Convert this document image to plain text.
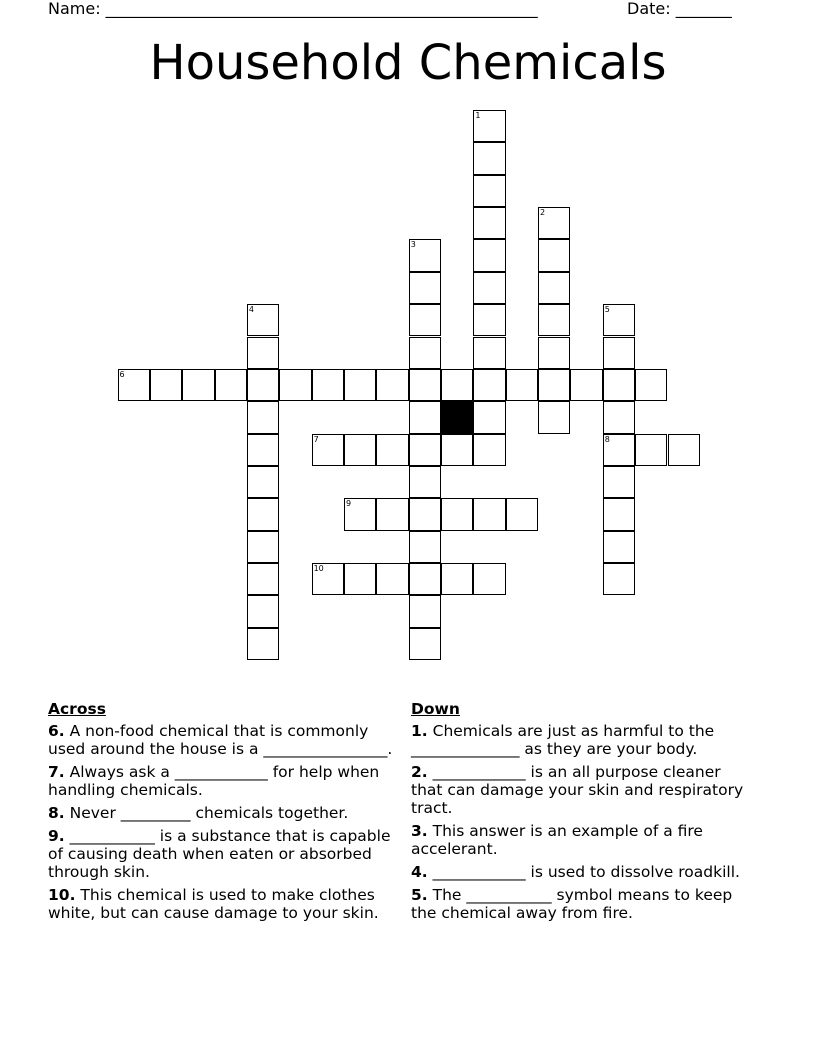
Name: ______________________________________________________	Date: _______
Household Chemicals
1
2
3
4	5
8
6
7
9
10
Across
6. A non-food chemical that is commonly used around the house is a ________________.
7. Always ask a ____________ for help when handling chemicals.
8. Never _________ chemicals together.
9. ___________ is a substance that is capable of causing death when eaten or absorbed through skin.
10. This chemical is used to make clothes white, but can cause damage to your skin.
Down
1. Chemicals are just as harmful to the ______________ as they are your body.
2. ____________ is an all purpose cleaner that can damage your skin and respiratory tract.
3. This answer is an example of a fire accelerant.
4. ____________ is used to dissolve roadkill.
5. The ___________ symbol means to keep the chemical away from fire.
